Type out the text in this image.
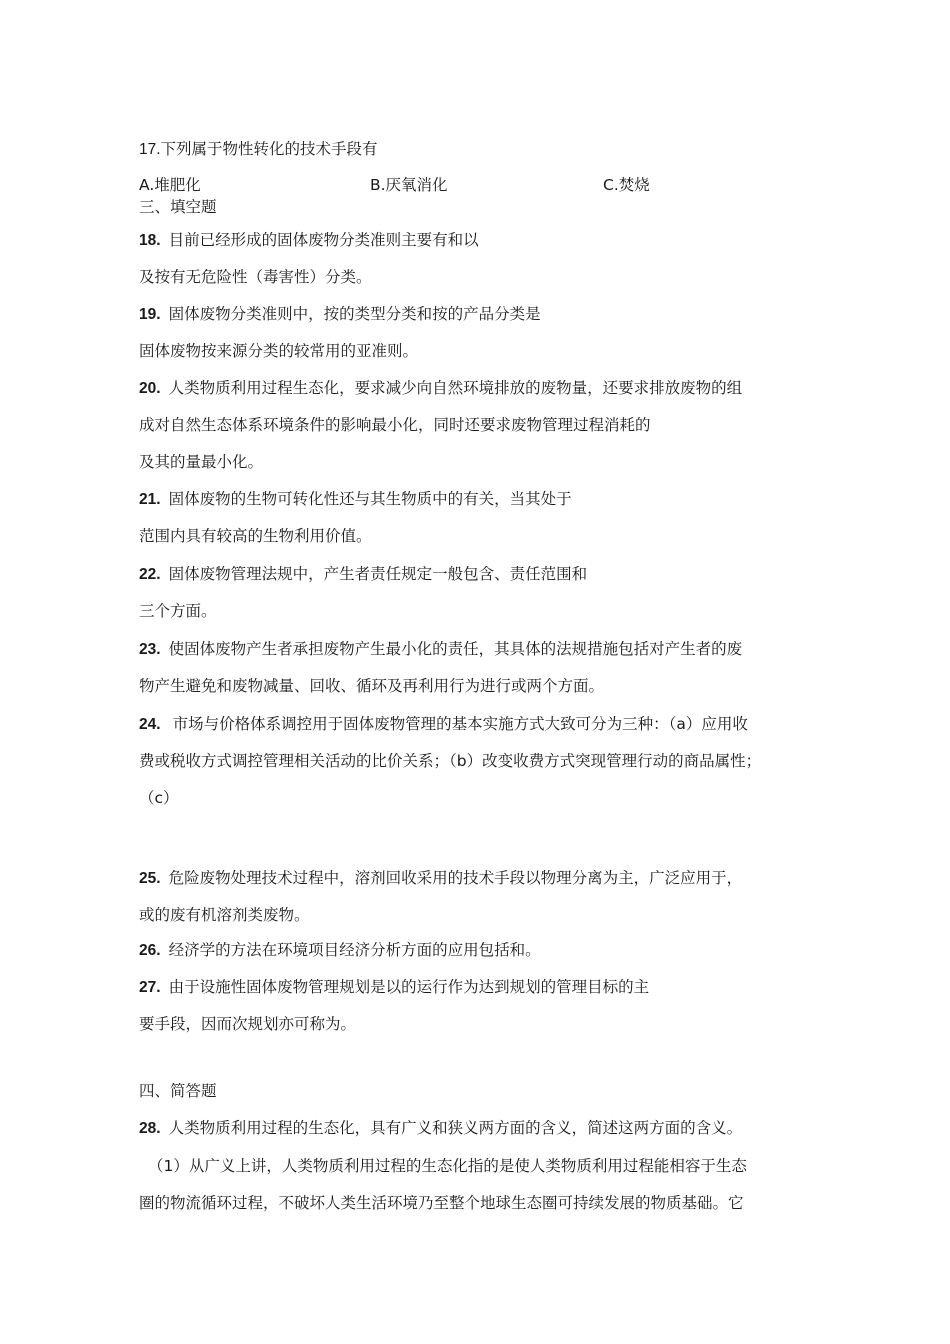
17.下列属于物性转化的技术手段有
A.堆肥化	B.厌氧消化	C.焚烧
三、填空题
18. 目前已经形成的固体废物分类准则主要有和以
及按有无危险性（毒害性）分类。
19. 固体废物分类准则中，按的类型分类和按的产品分类是
固体废物按来源分类的较常用的亚准则。
20. 人类物质利用过程生态化，要求减少向自然环境排放的废物量，还要求排放废物的组
成对自然生态体系环境条件的影响最小化，同时还要求废物管理过程消耗的
及其的量最小化。
21. 固体废物的生物可转化性还与其生物质中的有关，当其处于
范围内具有较高的生物利用价值。
22. 固体废物管理法规中，产生者责任规定一般包含、责任范围和
三个方面。
23. 使固体废物产生者承担废物产生最小化的责任，其具体的法规措施包括对产生者的废
物产生避免和废物减量、回收、循环及再利用行为进行或两个方面。
24. 市场与价格体系调控用于固体废物管理的基本实施方式大致可分为三种：（a）应用收
费或税收方式调控管理相关活动的比价关系；（b）改变收费方式突现管理行动的商品属性；
（c）
25. 危险废物处理技术过程中，溶剂回收采用的技术手段以物理分离为主，广泛应用于，
或的废有机溶剂类废物。
26. 经济学的方法在环境项目经济分析方面的应用包括和。
27. 由于设施性固体废物管理规划是以的运行作为达到规划的管理目标的主
要手段，因而次规划亦可称为。
四、简答题
28. 人类物质利用过程的生态化，具有广义和狭义两方面的含义，简述这两方面的含义。
（1）从广义上讲，人类物质利用过程的生态化指的是使人类物质利用过程能相容于生态
圈的物流循环过程，不破坏人类生活环境乃至整个地球生态圈可持续发展的物质基础。它
